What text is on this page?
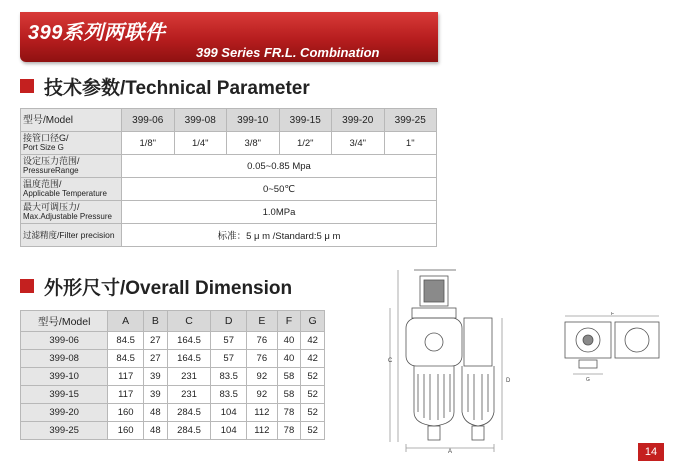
399系列两联件
399 Series FR.L. Combination
技术参数/Technical Parameter
型号/Model	399-06	399-08	399-10	399-15	399-20	399-25

接管口径G/
Port Size G	1/8"	1/4"	3/8"	1/2"	3/4"	1"

设定压力范围/
PressureRange	0.05~0.85 Mpa					

温度范围/
Applicable Temperature	0~50℃					

最大可调压力/
Max.Adjustable Pressure	1.0MPa					
过滤精度/Filter precision	标准：5 μ m /Standard:5 μ m					
外形尺寸/Overall Dimension
型号/Model	A	B	C	D	E	F	G
399-06	84.5	27	164.5	57	76	40	42
399-08	84.5	27	164.5	57	76	40	42
399-10	117	39	231	83.5	92	58	52
399-15	117	39	231	83.5	92	58	52
399-20	160	48	284.5	104	112	78	52
399-25	160	48	284.5	104	112	78	52
C
D
A
F
G
14
